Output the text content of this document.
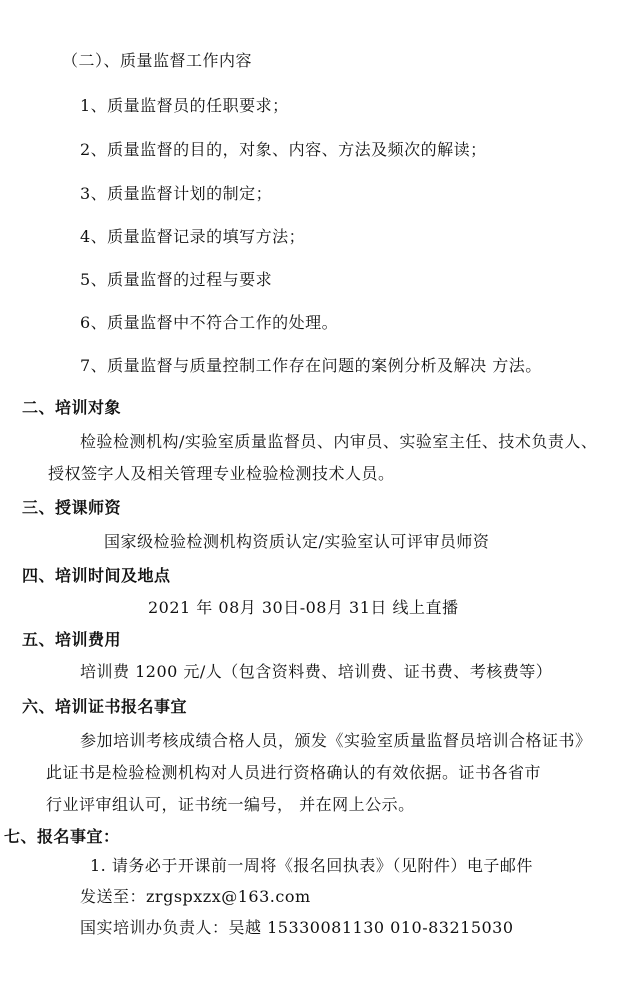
（二）、质量监督工作内容
1、质量监督员的任职要求；
2、质量监督的目的，对象、内容、方法及频次的解读；
3、质量监督计划的制定；
4、质量监督记录的填写方法；
5、质量监督的过程与要求
6、质量监督中不符合工作的处理。
7、质量监督与质量控制工作存在问题的案例分析及解决 方法。
二、培训对象
检验检测机构/实验室质量监督员、内审员、实验室主任、技术负责人、
授权签字人及相关管理专业检验检测技术人员。
三、授课师资
国家级检验检测机构资质认定/实验室认可评审员师资
四、培训时间及地点
2021 年 08月 30日-08月 31日 线上直播
五、培训费用
培训费 1200 元/人（包含资料费、培训费、证书费、考核费等）
六、培训证书报名事宜
参加培训考核成绩合格人员，颁发《实验室质量监督员培训合格证书》
此证书是检验检测机构对人员进行资格确认的有效依据。证书各省市
行业评审组认可，证书统一编号， 并在网上公示。
七、报名事宜：
1. 请务必于开课前一周将《报名回执表》（见附件）电子邮件
发送至：zrgspxzx@163.com
国实培训办负责人：吴越 15330081130 010-83215030
